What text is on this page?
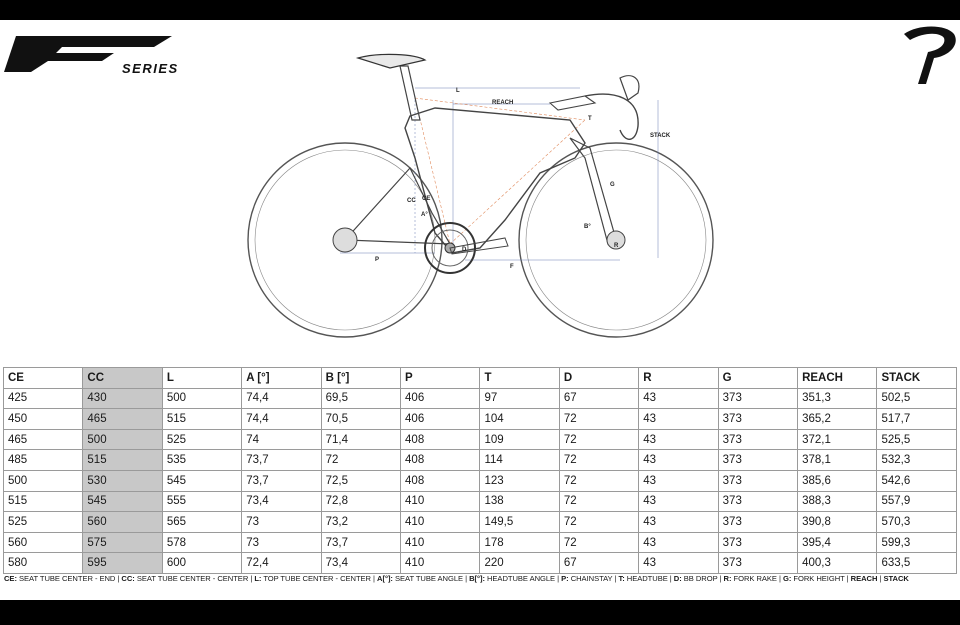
SERIES
L
REACH
STACK
T
G
CC CE
A°
B°
D
R
P
F
CE	CC	L	A [°]	B [°]	P	T	D	R	G	REACH	STACK
425	430	500	74,4	69,5	406	97	67	43	373	351,3	502,5
450	465	515	74,4	70,5	406	104	72	43	373	365,2	517,7
465	500	525	74	71,4	408	109	72	43	373	372,1	525,5
485	515	535	73,7	72	408	114	72	43	373	378,1	532,3
500	530	545	73,7	72,5	408	123	72	43	373	385,6	542,6
515	545	555	73,4	72,8	410	138	72	43	373	388,3	557,9
525	560	565	73	73,2	410	149,5	72	43	373	390,8	570,3
560	575	578	73	73,7	410	178	72	43	373	395,4	599,3
580	595	600	72,4	73,4	410	220	67	43	373	400,3	633,5
CE: SEAT TUBE CENTER - END | CC: SEAT TUBE CENTER - CENTER | L: TOP TUBE CENTER - CENTER | A[°]: SEAT TUBE ANGLE | B[°]: HEADTUBE ANGLE | P: CHAINSTAY | T: HEADTUBE | D: BB DROP | R: FORK RAKE | G: FORK HEIGHT | REACH | STACK
